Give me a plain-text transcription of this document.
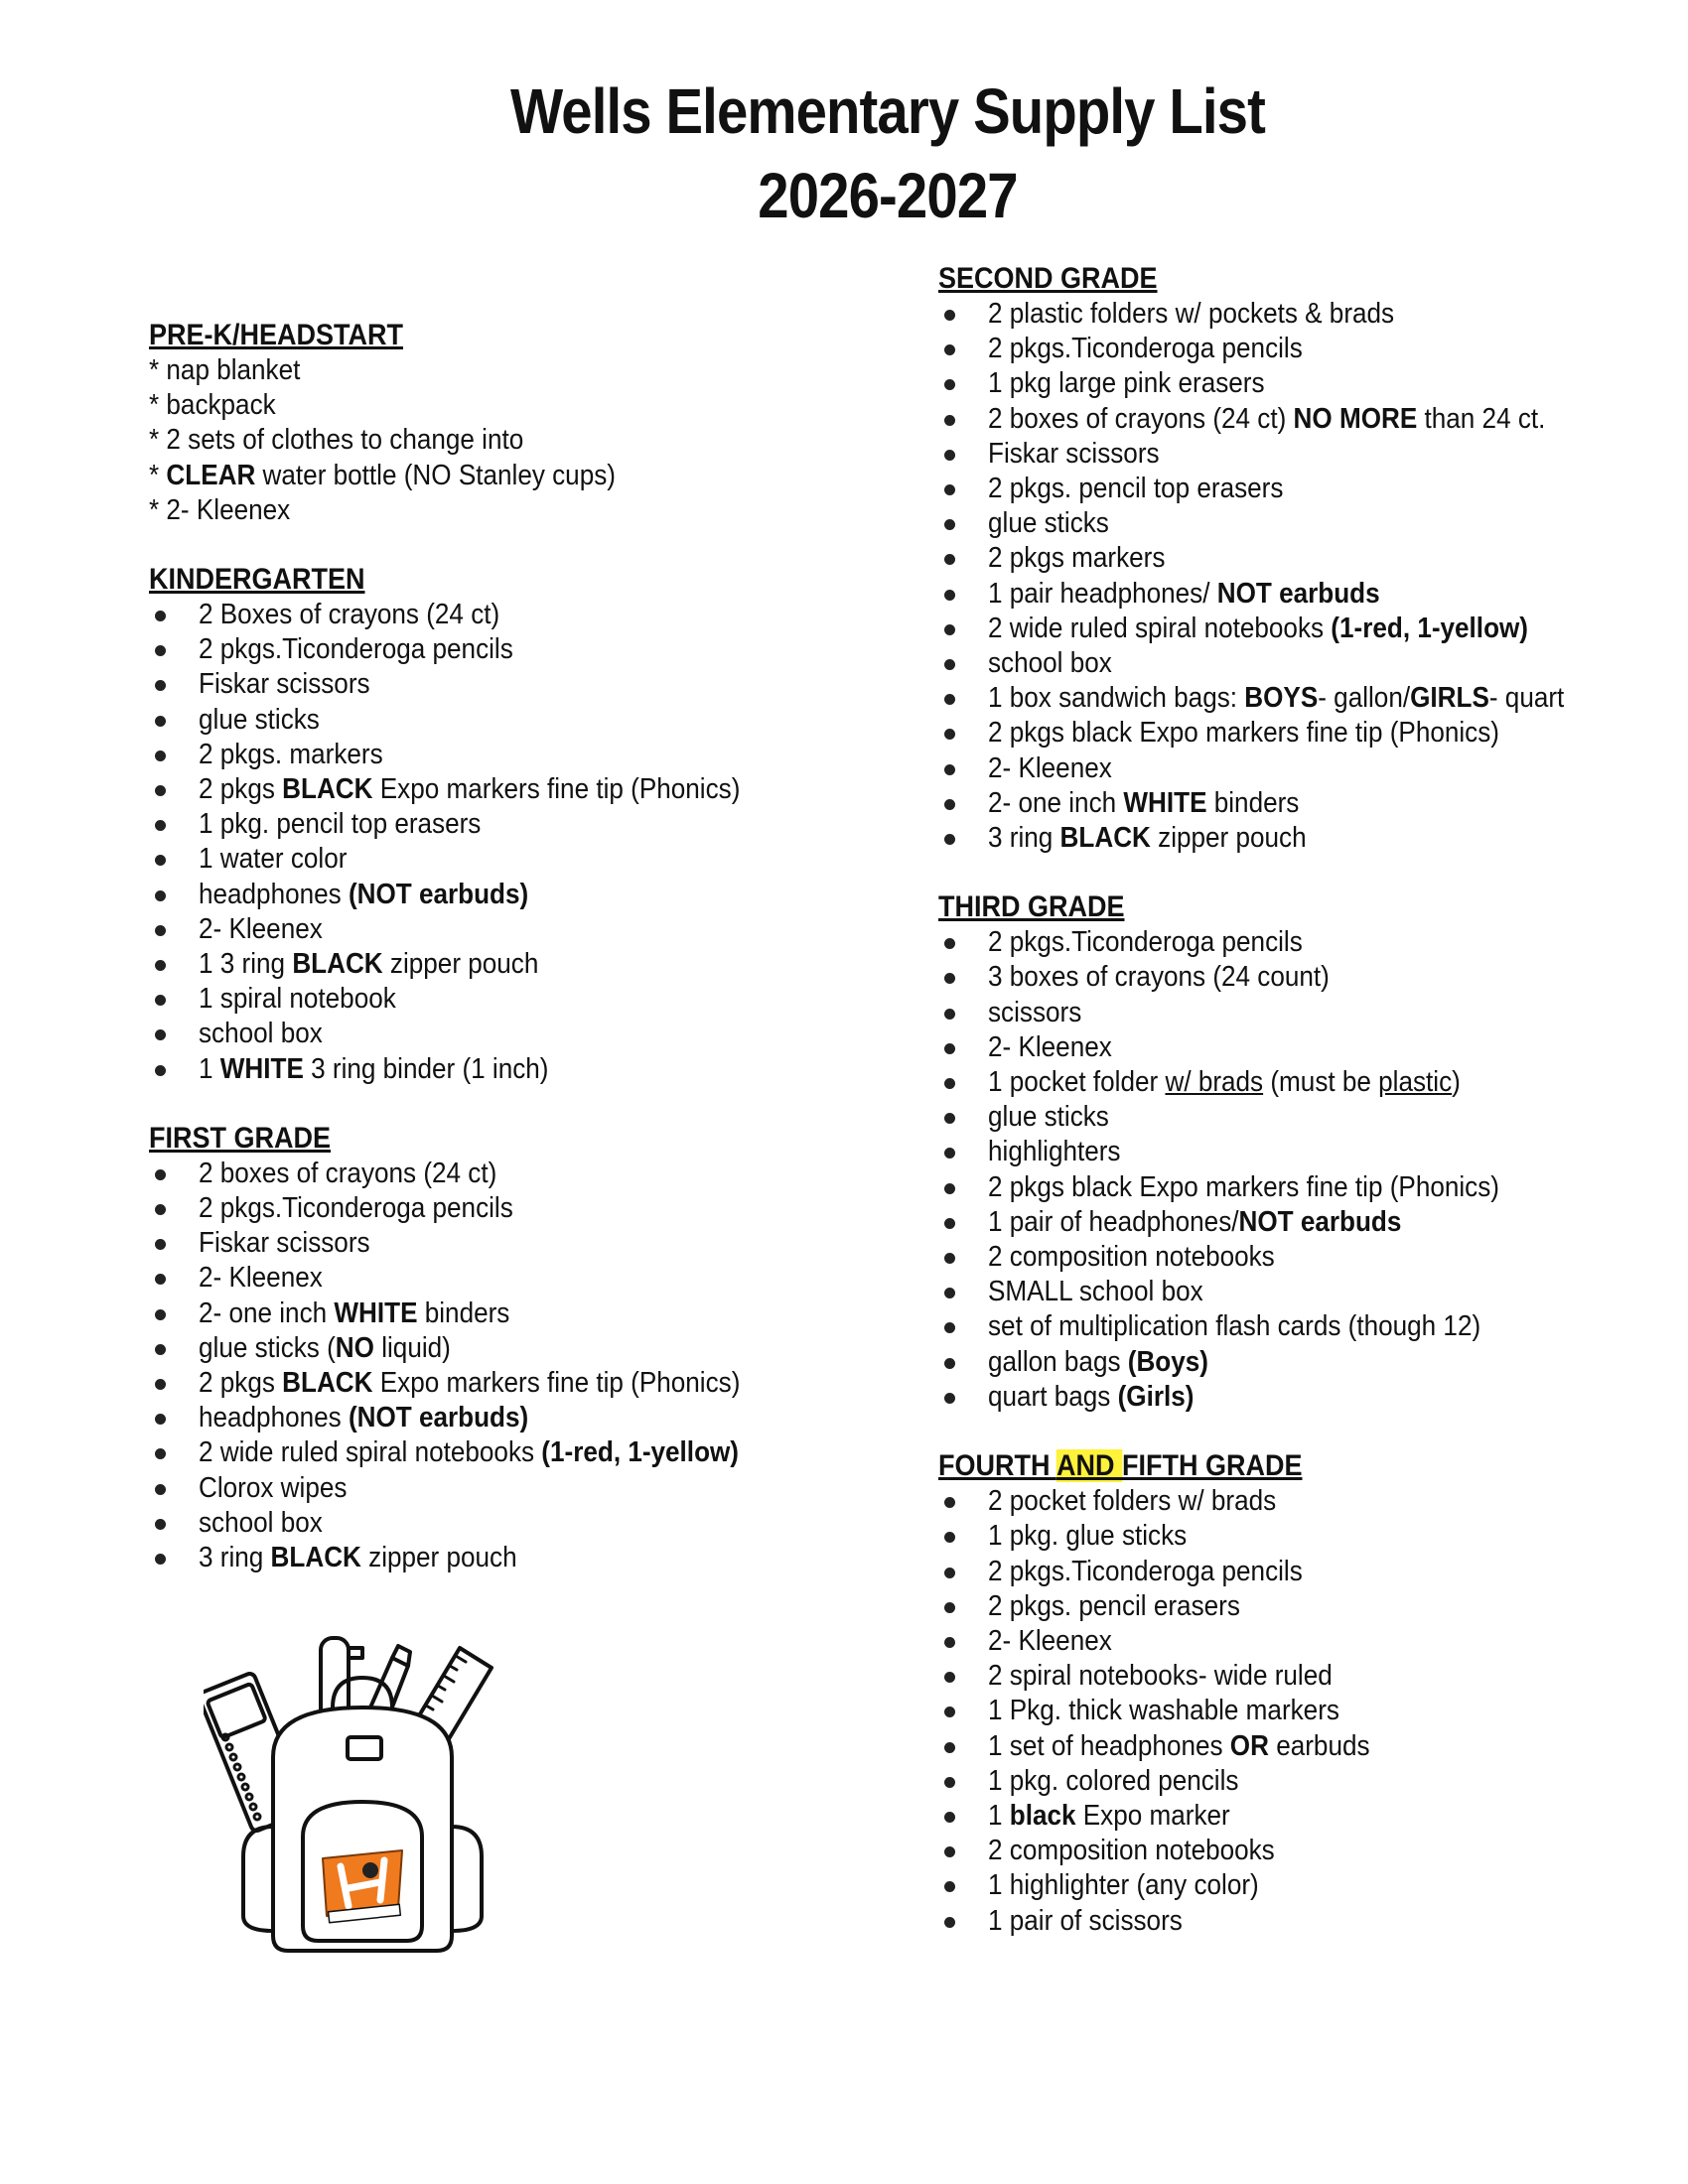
Wells Elementary Supply List
2026-2027
PRE-K/HEADSTART
* nap blanket
* backpack
* 2 sets of clothes to change into
* CLEAR water bottle (NO Stanley cups)
* 2- Kleenex
KINDERGARTEN
2 Boxes of crayons (24 ct)
2 pkgs.Ticonderoga pencils
Fiskar scissors
glue sticks
2 pkgs. markers
2 pkgs BLACK Expo markers fine tip (Phonics)
1 pkg. pencil top erasers
1 water color
headphones (NOT earbuds)
2- Kleenex
1 3 ring BLACK zipper pouch
1 spiral notebook
school box
1 WHITE 3 ring binder (1 inch)
FIRST GRADE
2 boxes of crayons (24 ct)
2 pkgs.Ticonderoga pencils
Fiskar scissors
2- Kleenex
2- one inch WHITE binders
glue sticks (NO liquid)
2 pkgs BLACK Expo markers fine tip (Phonics)
headphones (NOT earbuds)
2 wide ruled spiral notebooks (1-red, 1-yellow)
Clorox wipes
school box
3 ring BLACK zipper pouch
SECOND GRADE
2 plastic folders w/ pockets & brads
2 pkgs.Ticonderoga pencils
1 pkg large pink erasers
2 boxes of crayons (24 ct) NO MORE than 24 ct.
Fiskar scissors
2 pkgs. pencil top erasers
glue sticks
2 pkgs markers
1 pair headphones/ NOT earbuds
2 wide ruled spiral notebooks (1-red, 1-yellow)
school box
1 box sandwich bags: BOYS- gallon/GIRLS- quart
2 pkgs black Expo markers fine tip (Phonics)
2- Kleenex
2- one inch WHITE binders
3 ring BLACK zipper pouch
THIRD GRADE
2 pkgs.Ticonderoga pencils
3 boxes of crayons (24 count)
scissors
2- Kleenex
1 pocket folder w/ brads (must be plastic)
glue sticks
highlighters
2 pkgs black Expo markers fine tip (Phonics)
1 pair of headphones/NOT earbuds
2 composition notebooks
SMALL school box
set of multiplication flash cards (though 12)
gallon bags (Boys)
quart bags (Girls)
FOURTH AND FIFTH GRADE
2 pocket folders w/ brads
1 pkg. glue sticks
2 pkgs.Ticonderoga pencils
2 pkgs. pencil erasers
2- Kleenex
2 spiral notebooks- wide ruled
1 Pkg. thick washable markers
1 set of headphones OR earbuds
1 pkg. colored pencils
1 black Expo marker
2 composition notebooks
1 highlighter (any color)
1 pair of scissors
